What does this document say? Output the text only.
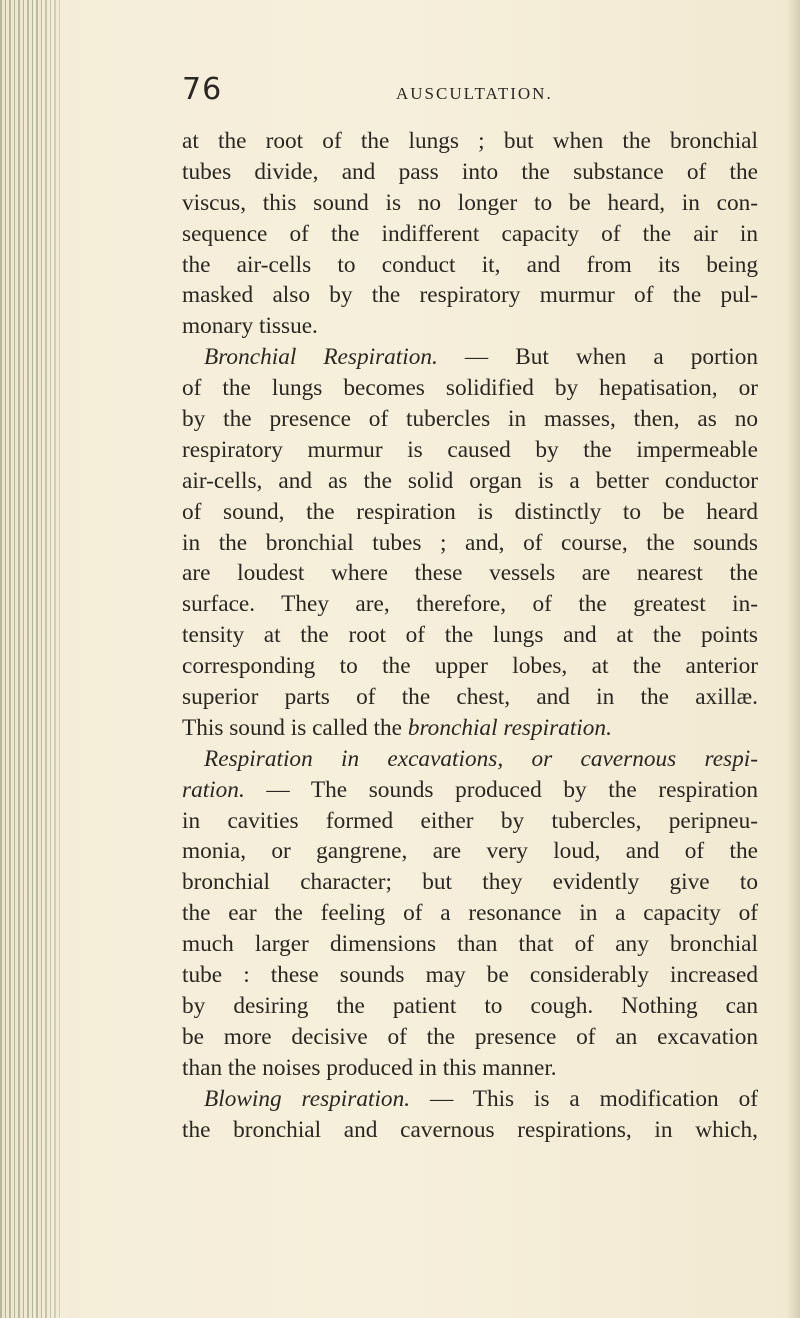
76	AUSCULTATION.

at the root of the lungs ; but when the bronchial
tubes divide, and pass into the substance of the
viscus, this sound is no longer to be heard, in con-
sequence of the indifferent capacity of the air in
the air-cells to conduct it, and from its being
masked also by the respiratory murmur of the pul-
monary tissue.

Bronchial Respiration. — But when a portion
of the lungs becomes solidified by hepatisation, or
by the presence of tubercles in masses, then, as no
respiratory murmur is caused by the impermeable
air-cells, and as the solid organ is a better conductor
of sound, the respiration is distinctly to be heard
in the bronchial tubes ; and, of course, the sounds
are loudest where these vessels are nearest the
surface. They are, therefore, of the greatest in-
tensity at the root of the lungs and at the points
corresponding to the upper lobes, at the anterior
superior parts of the chest, and in the axillæ.
This sound is called the bronchial respiration.

Respiration in excavations, or cavernous respi-
ration. — The sounds produced by the respiration
in cavities formed either by tubercles, peripneu-
monia, or gangrene, are very loud, and of the
bronchial character; but they evidently give to
the ear the feeling of a resonance in a capacity of
much larger dimensions than that of any bronchial
tube : these sounds may be considerably increased
by desiring the patient to cough. Nothing can
be more decisive of the presence of an excavation
than the noises produced in this manner.

Blowing respiration. — This is a modification of
the bronchial and cavernous respirations, in which,
